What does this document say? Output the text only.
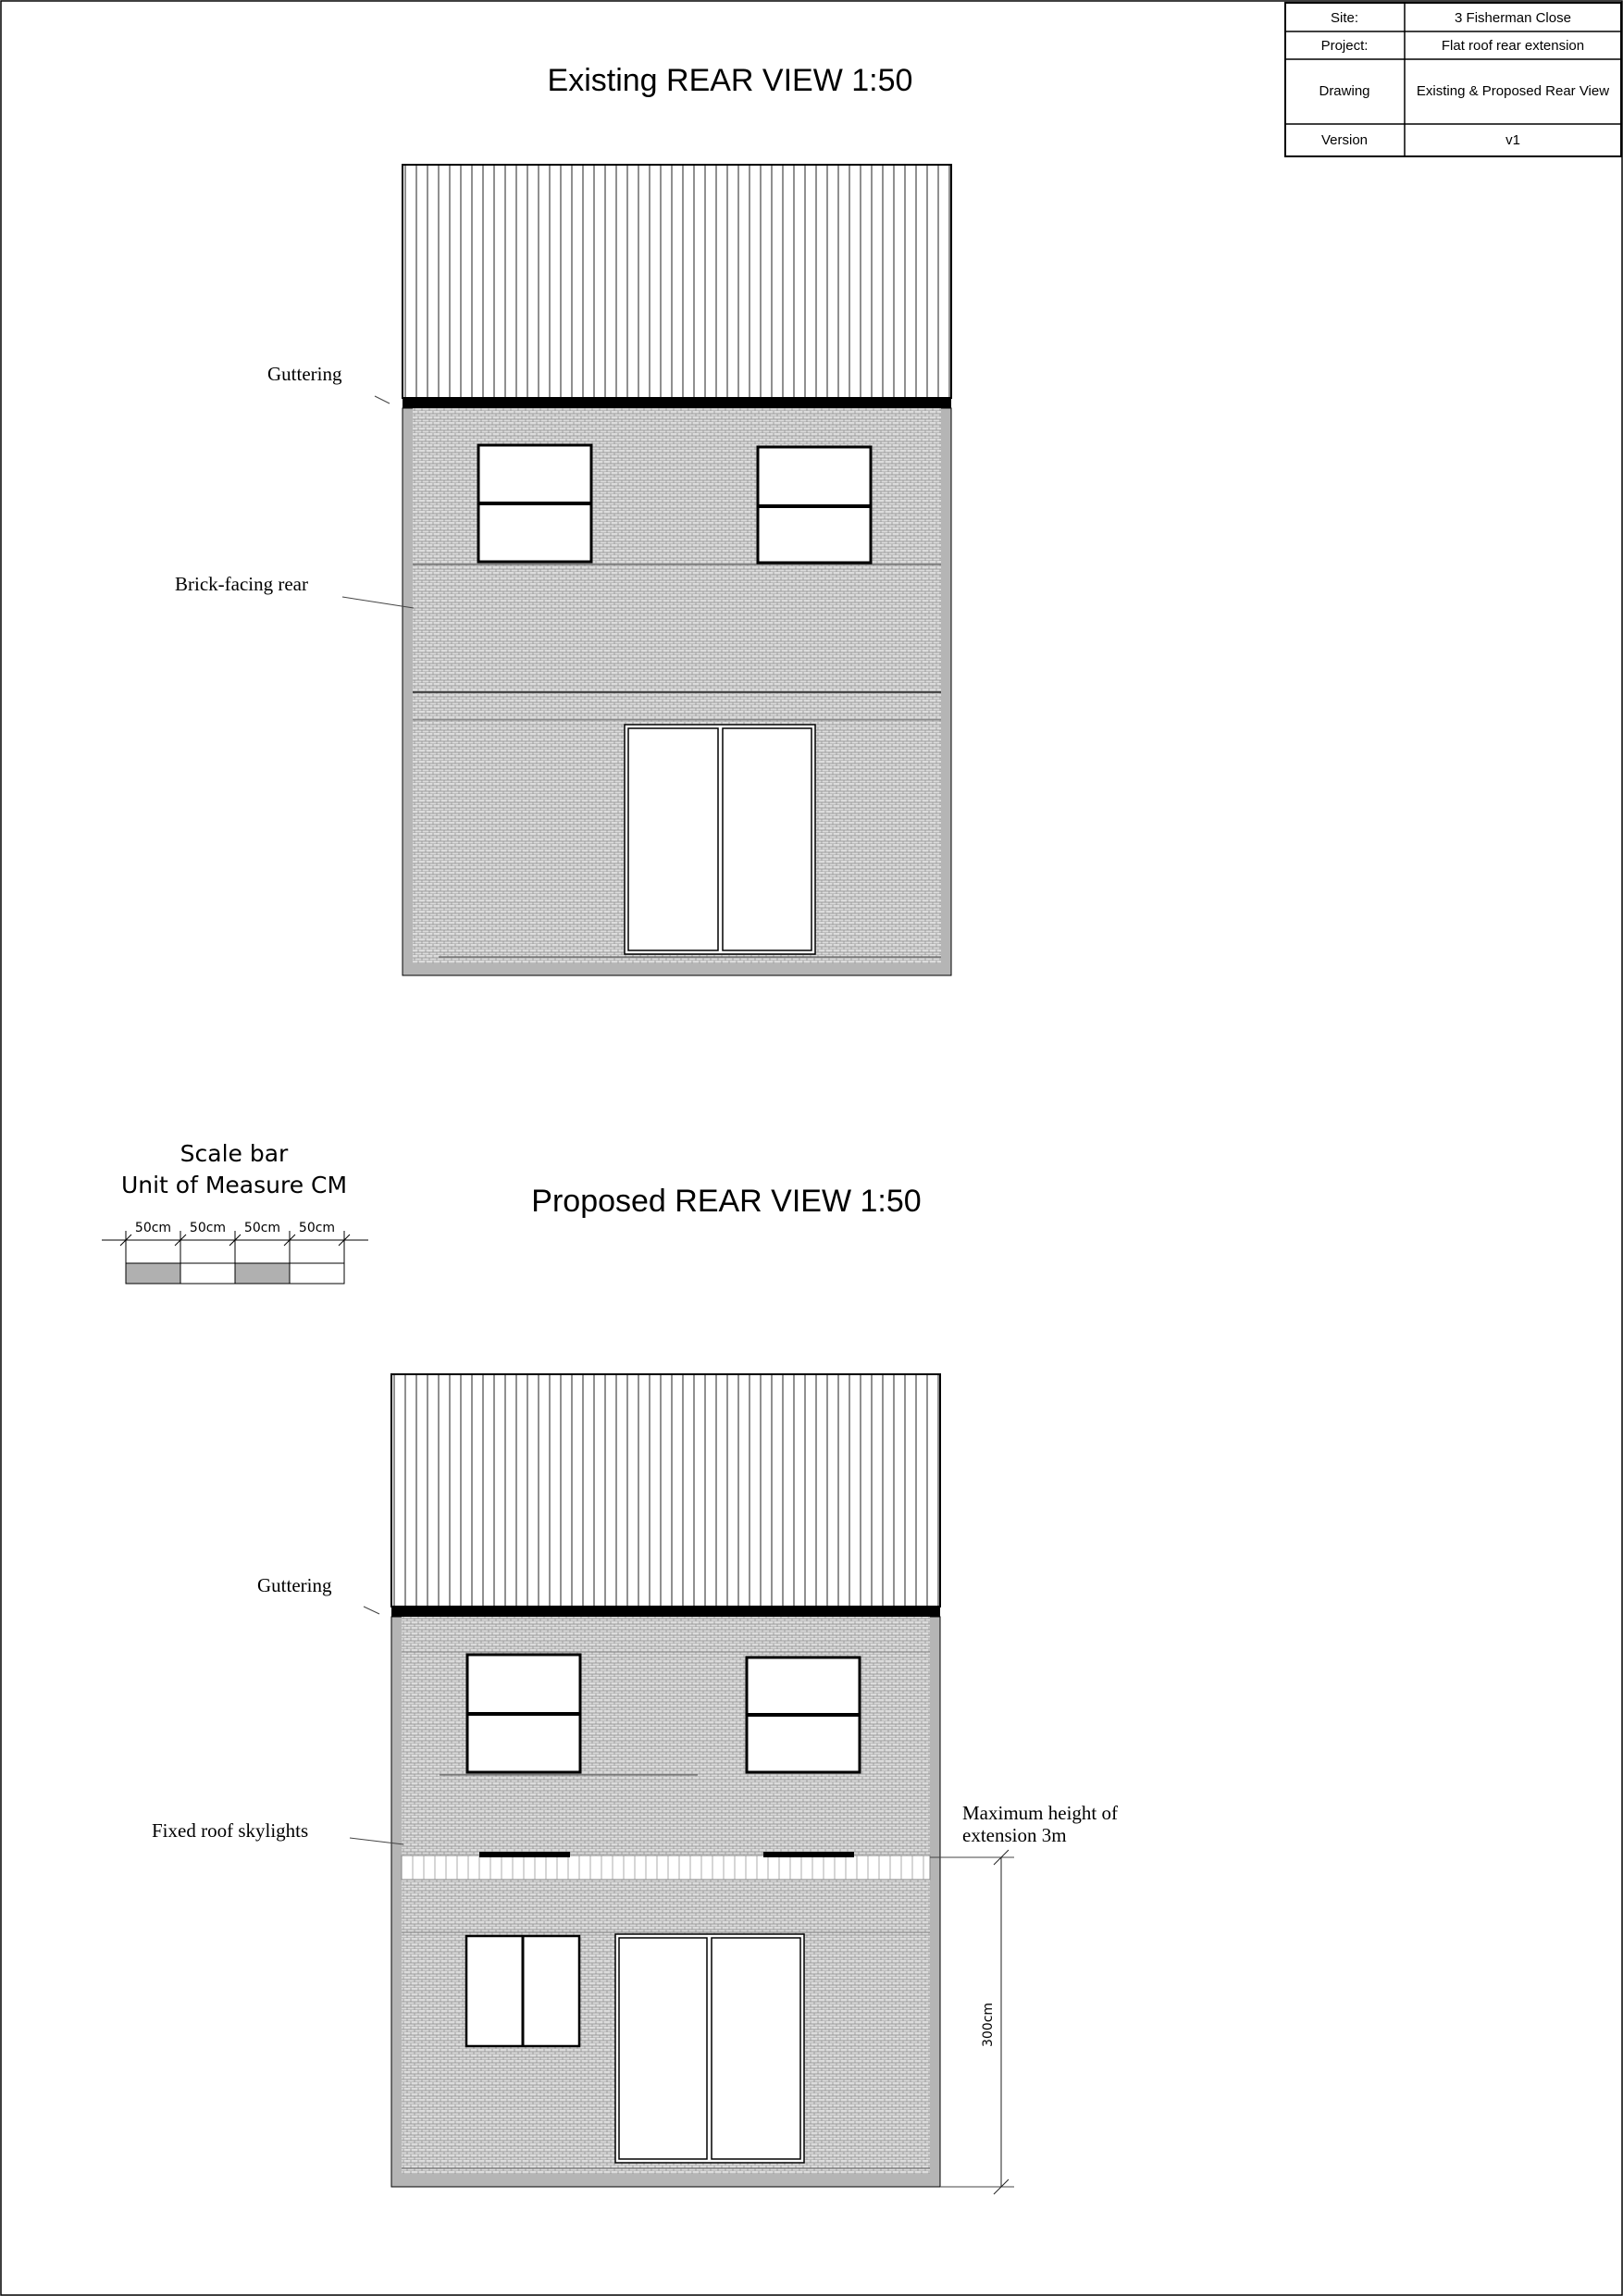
Site:	3 Fisherman Close
Project:	Flat roof rear extension
Drawing	Existing & Proposed Rear View
Version	v1
Existing REAR VIEW 1:50
Guttering
Brick-facing rear
Scale bar
Unit of Measure CM
50cm 50cm 50cm 50cm
Proposed REAR VIEW 1:50
Guttering
Fixed roof skylights
Maximum height of
extension 3m
300cm
